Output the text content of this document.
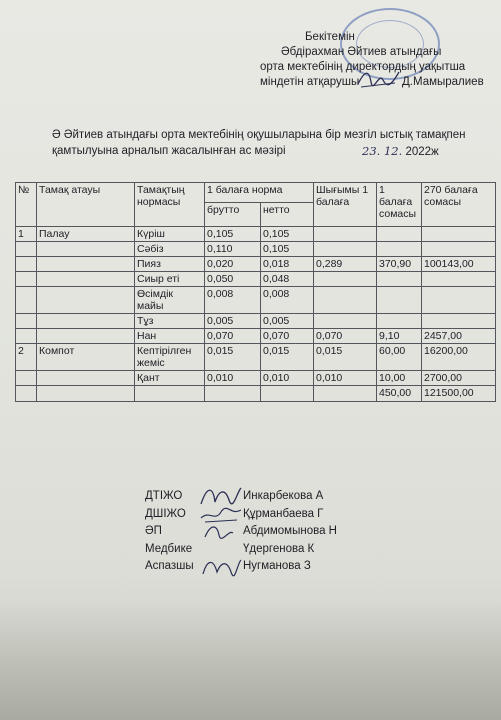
Бекітемін
Әбдірахман Әйтиев атындағы
орта мектебінің директордың уақытша
міндетін атқарушы	Д.Мамыралиев
Ә Әйтиев атындағы орта мектебінің оқушыларына бір мезгіл ыстық тамақпен
қамтылуына арналып жасалынған ас мәзірі	23. 12. 2022ж
№	Тамақ атауы	Тамақтың нормасы	1 балаға норма		Шығымы 1 балаға	1 балаға сомасы	270 балаға сомасы
			брутто	нетто			
1	Палау	Күріш	0,105	0,105			
		Сәбіз	0,110	0,105			
		Пияз	0,020	0,018	0,289	370,90	100143,00
		Сиыр еті	0,050	0,048			
		Өсімдік майы	0,008	0,008			
		Тұз	0,005	0,005			
		Нан	0,070	0,070	0,070	9,10	2457,00
2	Компот	Кептірілген жеміс	0,015	0,015	0,015	60,00	16200,00
		Қант	0,010	0,010	0,010	10,00	2700,00
						450,00	121500,00
ДТІЖО	Инкарбекова А
ДШІЖО	Құрманбаева Г
ӘП	Абдимомынова Н
Медбике	Үдергенова К
Аспазшы	Нугманова З
